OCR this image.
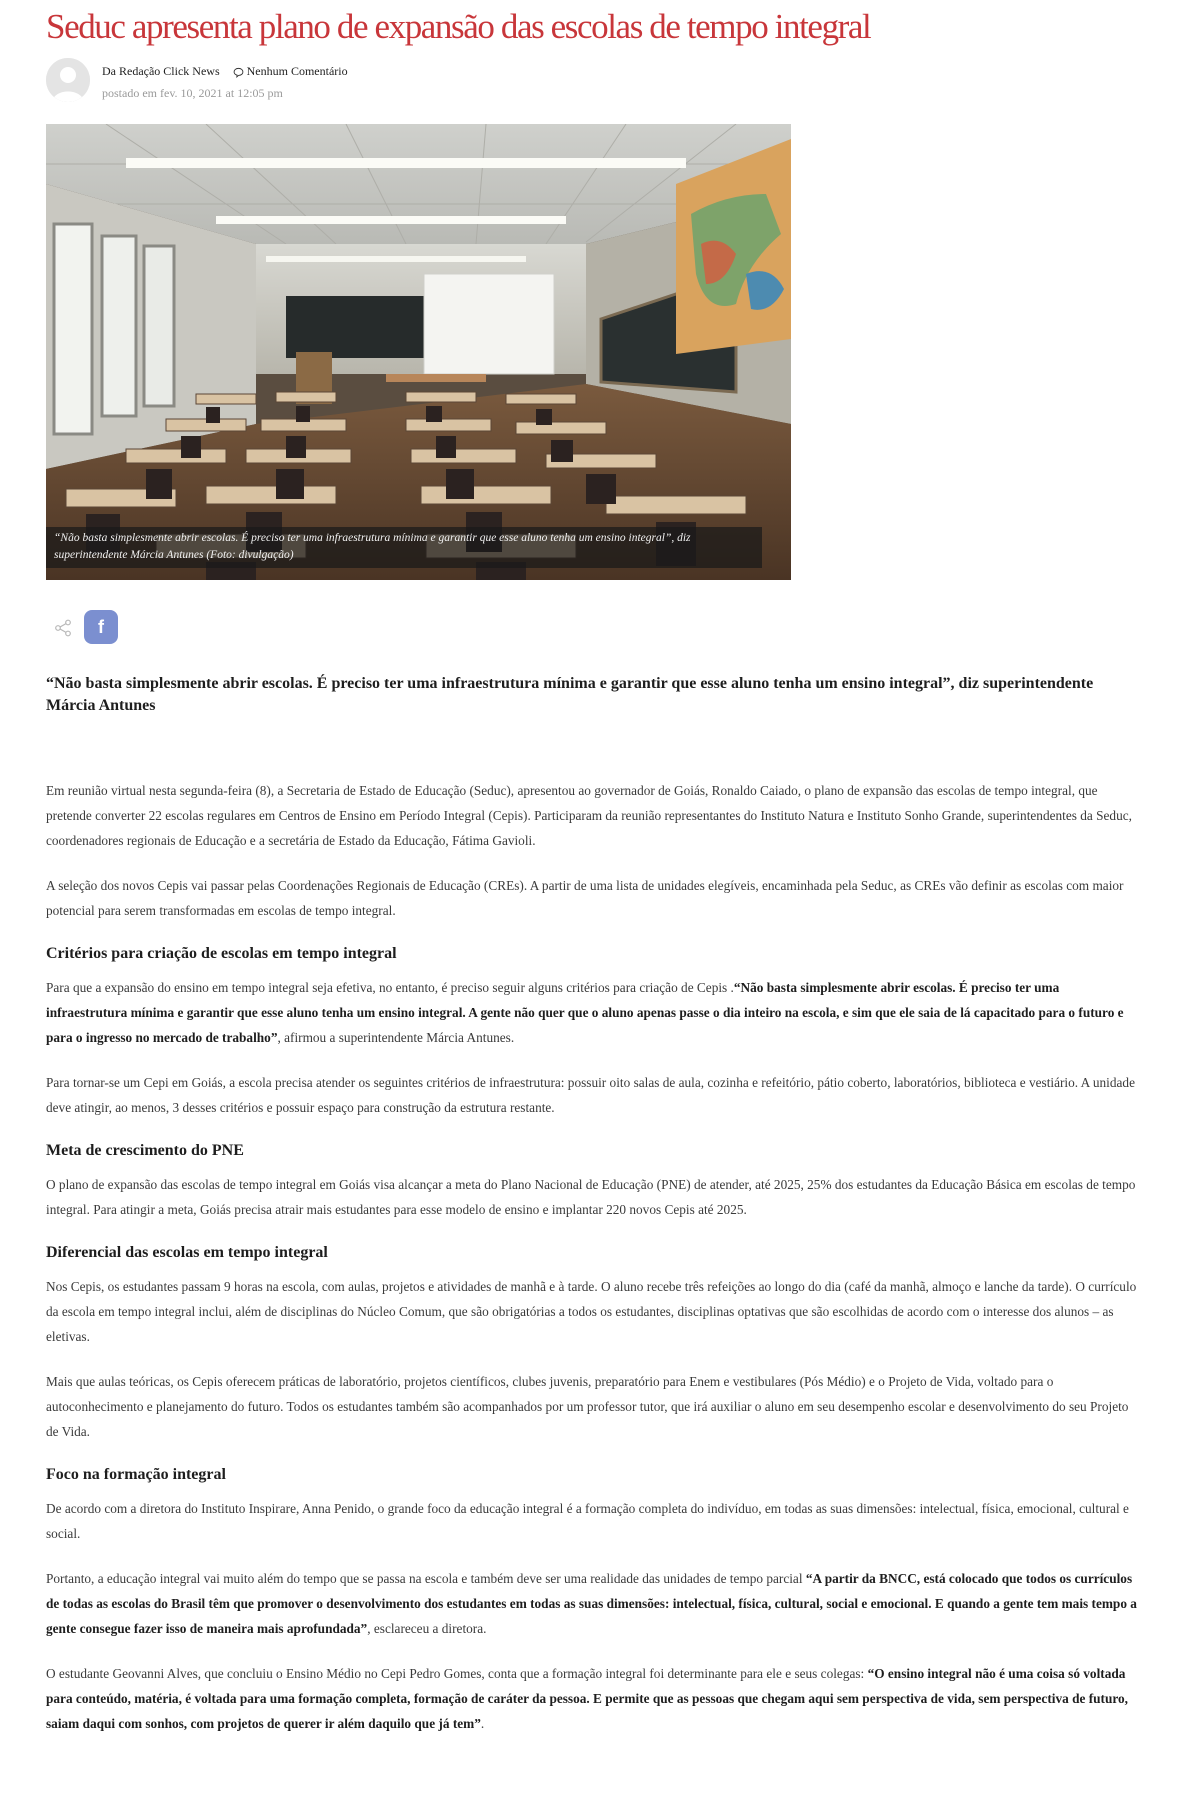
Seduc apresenta plano de expansão das escolas de tempo integral
Da Redação Click News Nenhum Comentário
postado em fev. 10, 2021 at 12:05 pm
“Não basta simplesmente abrir escolas. É preciso ter uma infraestrutura mínima e garantir que esse aluno tenha um ensino integral”, diz superintendente Márcia Antunes (Foto: divulgação)
f

“Não basta simplesmente abrir escolas. É preciso ter uma infraestrutura mínima e garantir que esse aluno tenha um ensino integral”, diz superintendente Márcia Antunes

Em reunião virtual nesta segunda-feira (8), a Secretaria de Estado de Educação (Seduc), apresentou ao governador de Goiás, Ronaldo Caiado, o plano de expansão das escolas de tempo integral, que pretende converter 22 escolas regulares em Centros de Ensino em Período Integral (Cepis). Participaram da reunião representantes do Instituto Natura e Instituto Sonho Grande, superintendentes da Seduc, coordenadores regionais de Educação e a secretária de Estado da Educação, Fátima Gavioli.

A seleção dos novos Cepis vai passar pelas Coordenações Regionais de Educação (CREs). A partir de uma lista de unidades elegíveis, encaminhada pela Seduc, as CREs vão definir as escolas com maior potencial para serem transformadas em escolas de tempo integral.

Critérios para criação de escolas em tempo integral

Para que a expansão do ensino em tempo integral seja efetiva, no entanto, é preciso seguir alguns critérios para criação de Cepis .“Não basta simplesmente abrir escolas. É preciso ter uma infraestrutura mínima e garantir que esse aluno tenha um ensino integral. A gente não quer que o aluno apenas passe o dia inteiro na escola, e sim que ele saia de lá capacitado para o futuro e para o ingresso no mercado de trabalho”, afirmou a superintendente Márcia Antunes.

Para tornar-se um Cepi em Goiás, a escola precisa atender os seguintes critérios de infraestrutura: possuir oito salas de aula, cozinha e refeitório, pátio coberto, laboratórios, biblioteca e vestiário. A unidade deve atingir, ao menos, 3 desses critérios e possuir espaço para construção da estrutura restante.

Meta de crescimento do PNE

O plano de expansão das escolas de tempo integral em Goiás visa alcançar a meta do Plano Nacional de Educação (PNE) de atender, até 2025, 25% dos estudantes da Educação Básica em escolas de tempo integral. Para atingir a meta, Goiás precisa atrair mais estudantes para esse modelo de ensino e implantar 220 novos Cepis até 2025.

Diferencial das escolas em tempo integral

Nos Cepis, os estudantes passam 9 horas na escola, com aulas, projetos e atividades de manhã e à tarde. O aluno recebe três refeições ao longo do dia (café da manhã, almoço e lanche da tarde). O currículo da escola em tempo integral inclui, além de disciplinas do Núcleo Comum, que são obrigatórias a todos os estudantes, disciplinas optativas que são escolhidas de acordo com o interesse dos alunos – as eletivas.

Mais que aulas teóricas, os Cepis oferecem práticas de laboratório, projetos científicos, clubes juvenis, preparatório para Enem e vestibulares (Pós Médio) e o Projeto de Vida, voltado para o autoconhecimento e planejamento do futuro. Todos os estudantes também são acompanhados por um professor tutor, que irá auxiliar o aluno em seu desempenho escolar e desenvolvimento do seu Projeto de Vida.

Foco na formação integral

De acordo com a diretora do Instituto Inspirare, Anna Penido, o grande foco da educação integral é a formação completa do indivíduo, em todas as suas dimensões: intelectual, física, emocional, cultural e social.

Portanto, a educação integral vai muito além do tempo que se passa na escola e também deve ser uma realidade das unidades de tempo parcial “A partir da BNCC, está colocado que todos os currículos de todas as escolas do Brasil têm que promover o desenvolvimento dos estudantes em todas as suas dimensões: intelectual, física, cultural, social e emocional. E quando a gente tem mais tempo a gente consegue fazer isso de maneira mais aprofundada”, esclareceu a diretora.

O estudante Geovanni Alves, que concluiu o Ensino Médio no Cepi Pedro Gomes, conta que a formação integral foi determinante para ele e seus colegas: “O ensino integral não é uma coisa só voltada para conteúdo, matéria, é voltada para uma formação completa, formação de caráter da pessoa. E permite que as pessoas que chegam aqui sem perspectiva de vida, sem perspectiva de futuro, saiam daqui com sonhos, com projetos de querer ir além daquilo que já tem”.
